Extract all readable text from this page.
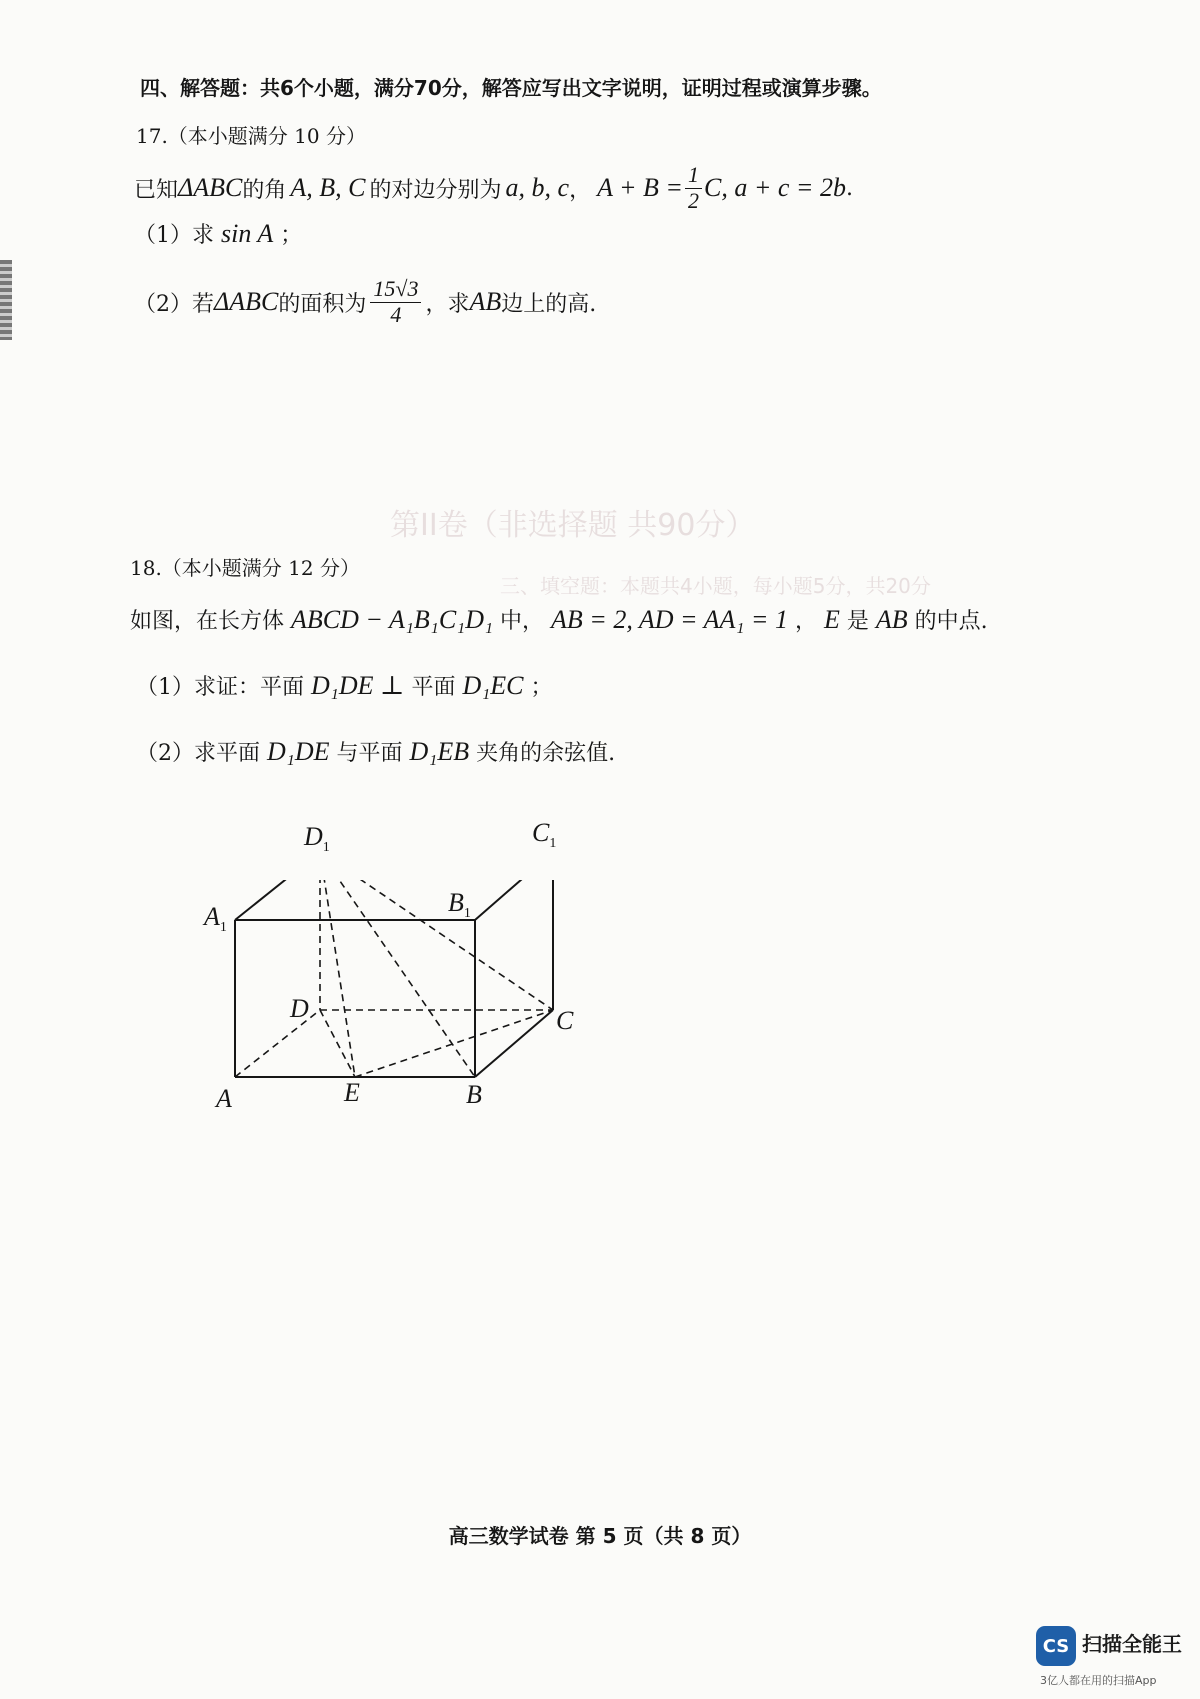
第II卷（非选择题 共90分）
三、填空题：本题共4小题，每小题5分，共20分
四、解答题：共6个小题，满分70分，解答应写出文字说明，证明过程或演算步骤。
17.（本小题满分 10 分）
已知 ΔABC 的角 A, B, C 的对边分别为 a, b, c ， $A + B = \frac{1}{2} C$, a + c = 2b .
（1）求 sin A ；
（2）若 ΔABC 的面积为 $\frac{15√3}{4}$ ，求 AB 边上的高.
18.（本小题满分 12 分）
如图，在长方体 ABCD − A₁B₁C₁D₁ 中， AB = 2, AD = AA₁ = 1 ， E 是 AB 的中点.
（1）求证：平面 D₁DE ⊥ 平面 D₁EC ；
（2）求平面 D₁DE 与平面 D₁EB 夹角的余弦值.
$D_1$
$C_1$
$A_1$
$B_1$
D	C
A	E	B
高三数学试卷 第 5 页（共 8 页）
CS 扫描全能王
3亿人都在用的扫描App
